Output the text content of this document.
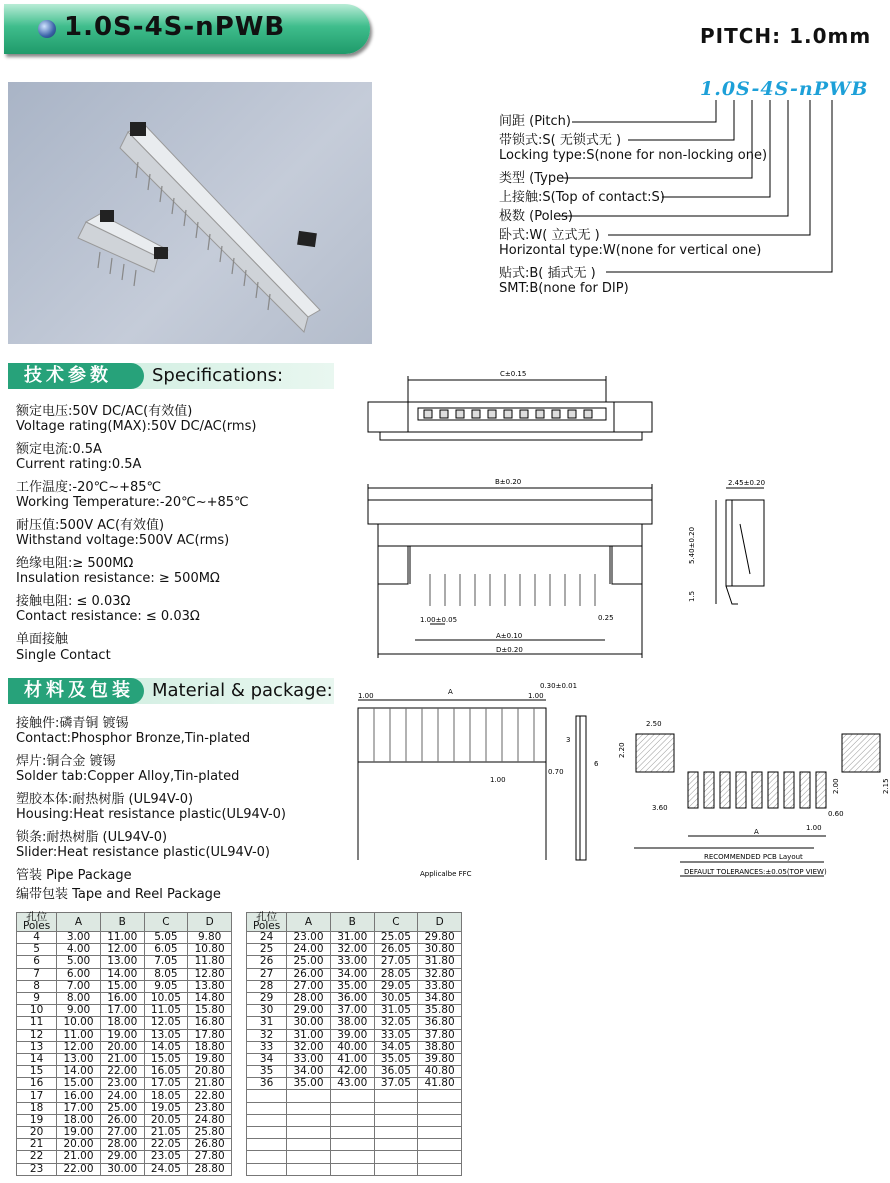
1.0S-4S-nPWB	PITCH: 1.0mm
1.0S-4S-nPWB
间距 (Pitch)
带锁式:S( 无锁式无 )
Locking type:S(none for non-locking one)
类型 (Type)
上接触:S(Top of contact:S)
极数 (Poles)
卧式:W( 立式无 )
Horizontal type:W(none for vertical one)
贴式:B( 插式无 )
SMT:B(none for DIP)
技术参数	Specifications:
额定电压:50V DC/AC(有效值)
Voltage rating(MAX):50V DC/AC(rms)
额定电流:0.5A
Current rating:0.5A
工作温度:-20℃~+85℃
Working Temperature:-20℃~+85℃
耐压值:500V AC(有效值)
Withstand voltage:500V AC(rms)
绝缘电阻:≥ 500MΩ
Insulation resistance: ≥ 500MΩ
接触电阻: ≤ 0.03Ω
Contact resistance: ≤ 0.03Ω
单面接触
Single Contact
材料及包装	Material & package:
接触件:磷青铜 镀锡
Contact:Phosphor Bronze,Tin-plated
焊片:铜合金 镀锡
Solder tab:Copper Alloy,Tin-plated
塑胶本体:耐热树脂 (UL94V-0)
Housing:Heat resistance plastic(UL94V-0)
锁条:耐热树脂 (UL94V-0)
Slider:Heat resistance plastic(UL94V-0)
管装 Pipe Package
编带包装 Tape and Reel Package
C±0.15
B±0.20
1.00±0.05	0.25
A±0.10
D±0.20
2.45±0.20
5.40±0.20
1.5
A
1.00	1.00
1.00
0.70
0.30±0.01
3
6
Applicalbe FFC
2.50
2.20
3.60
2.00	2.15
0.60
1.00
A
RECOMMENDED PCB Layout
DEFAULT TOLERANCES:±0.05(TOP VIEW)
孔位
Poles	A	B	C	D
4	3.00	11.00	5.05	9.80
5	4.00	12.00	6.05	10.80
6	5.00	13.00	7.05	11.80
7	6.00	14.00	8.05	12.80
8	7.00	15.00	9.05	13.80
9	8.00	16.00	10.05	14.80
10	9.00	17.00	11.05	15.80
11	10.00	18.00	12.05	16.80
12	11.00	19.00	13.05	17.80
13	12.00	20.00	14.05	18.80
14	13.00	21.00	15.05	19.80
15	14.00	22.00	16.05	20.80
16	15.00	23.00	17.05	21.80
17	16.00	24.00	18.05	22.80
18	17.00	25.00	19.05	23.80
19	18.00	26.00	20.05	24.80
20	19.00	27.00	21.05	25.80
21	20.00	28.00	22.05	26.80
22	21.00	29.00	23.05	27.80
23	22.00	30.00	24.05	28.80
孔位
Poles	A	B	C	D
24	23.00	31.00	25.05	29.80
25	24.00	32.00	26.05	30.80
26	25.00	33.00	27.05	31.80
27	26.00	34.00	28.05	32.80
28	27.00	35.00	29.05	33.80
29	28.00	36.00	30.05	34.80
30	29.00	37.00	31.05	35.80
31	30.00	38.00	32.05	36.80
32	31.00	39.00	33.05	37.80
33	32.00	40.00	34.05	38.80
34	33.00	41.00	35.05	39.80
35	34.00	42.00	36.05	40.80
36	35.00	43.00	37.05	41.80
